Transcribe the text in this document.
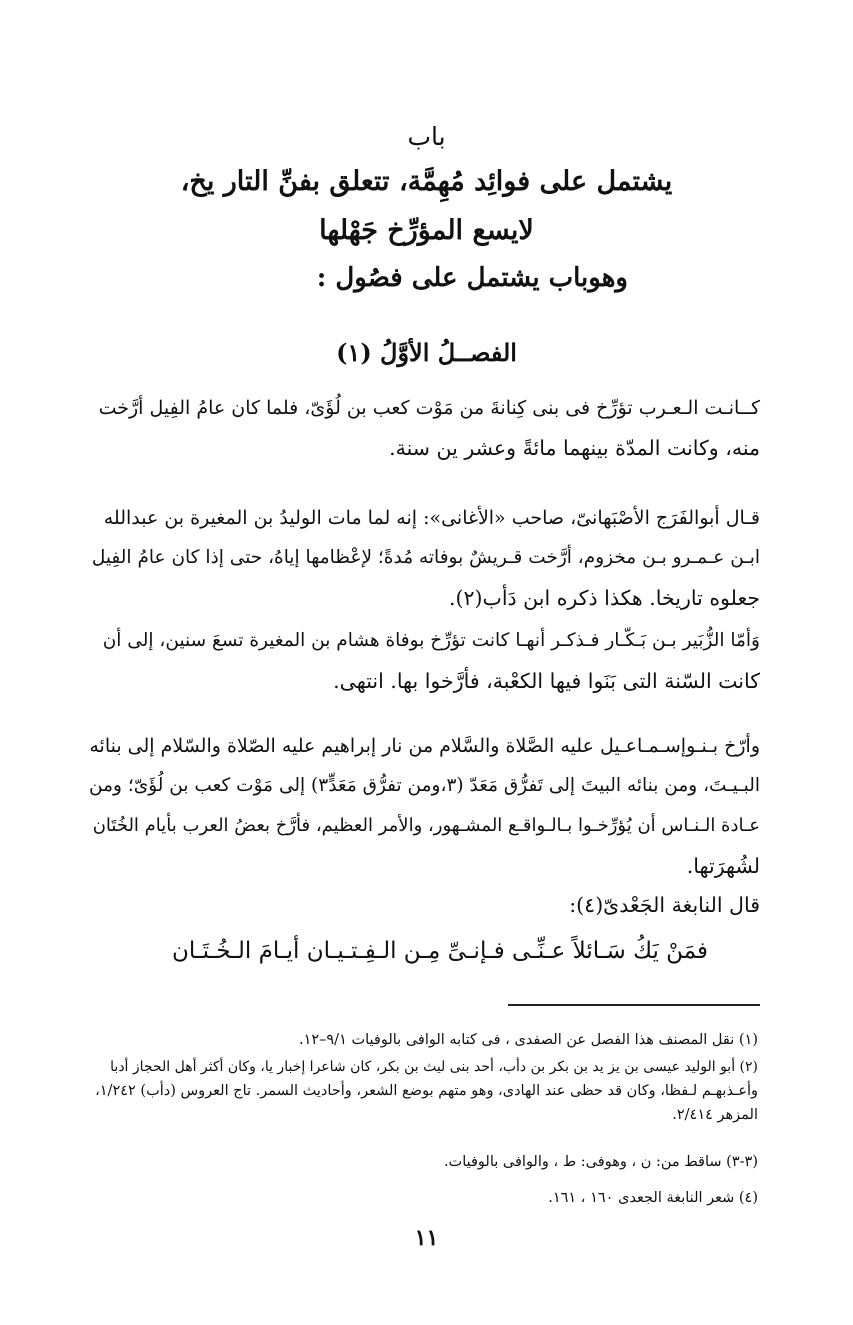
باب
يشتمل على فوائِد مُهِمَّة، تتعلق بفنِّ التار يخ،
لايسع المؤرِّخ جَهْلها
وهوباب يشتمل على فصُول :
الفصــلُ الأوَّلُ (١)
كــانـت الـعـرب تؤرِّخ فى بنى كِنانةَ من مَوْت كعب بن لُؤَىّ، فلما كان عامُ الفِيل أرَّخت
منه، وكانت المدّة بينهما مائةً وعشر ين سنة.
قـال أبوالفَرَج الأصْبَهانىّ، صاحب «الأغانى»: إنه لما مات الوليدُ بن المغيرة بن عبدالله
ابـن عـمـرو بـن مخزوم، أرَّخت قـريشٌ بوفاته مُدةً؛ لإعْظامها إياهُ، حتى إذا كان عامُ الفِيل
جعلوه تاريخا. هكذا ذكره ابن دَأب(٢).
وَأمّا الزُّبَير بـن بَـكّـار فـذكـر أنهـا كانت تؤرِّخ بوفاة هشام بن المغيرة تسعَ سنين، إلى أن
كانت السّنة التى بَنَوا فيها الكعْبة، فأرَّخوا بها. انتهى.
وأرّخ بـنـوإسـمـاعـيل عليه الصَّلاة والسَّلام من نار إبراهيم عليه الصّلاة والسّلام إلى بنائه
البـيـتَ، ومن بنائه البيتَ إلى تَفرُّق مَعَدّ (٣،ومن تفرُّق مَعَدٍّ٣) إلى مَوْت كعب بن لُؤَىّ؛ ومن
عـادة الـنـاس أن يُؤرِّخـوا بـالـواقـع المشـهور، والأمر العظيم، فأرَّخ بعضُ العرب بأيام الخُتَان
لشُهرَتها.
قال النابغة الجَعْدىّ(٤):
فمَنْ يَكُ سَـائلاً عـنِّـى فـإنـىِّ مِـن الـفِـتـيـان أيـامَ الـخُـتَـان
(١) نقل المصنف هذا الفصل عن الصفدى ، فى كتابه الوافى بالوفيات ٩/١–١٢.
(٢) أبو الوليد عيسى بن يز يد بن بكر بن دأب، أحد بنى ليث بن بكر، كان شاعرا إخبار يا، وكان أكثر أهل الحجاز أدبا
وأعـذبهـم لـفظا، وكان قد حظى عند الهادى، وهو متهم بوضع الشعر، وأحاديث السمر. تاج العروس (دأب) ١/٢٤٢،
المزهر ٢/٤١٤.
(٣-٣) ساقط من: ن ، وهوفى: ط ، والوافى بالوفيات.
(٤) شعر النابغة الجعدى ١٦٠ ، ١٦١.
١١
